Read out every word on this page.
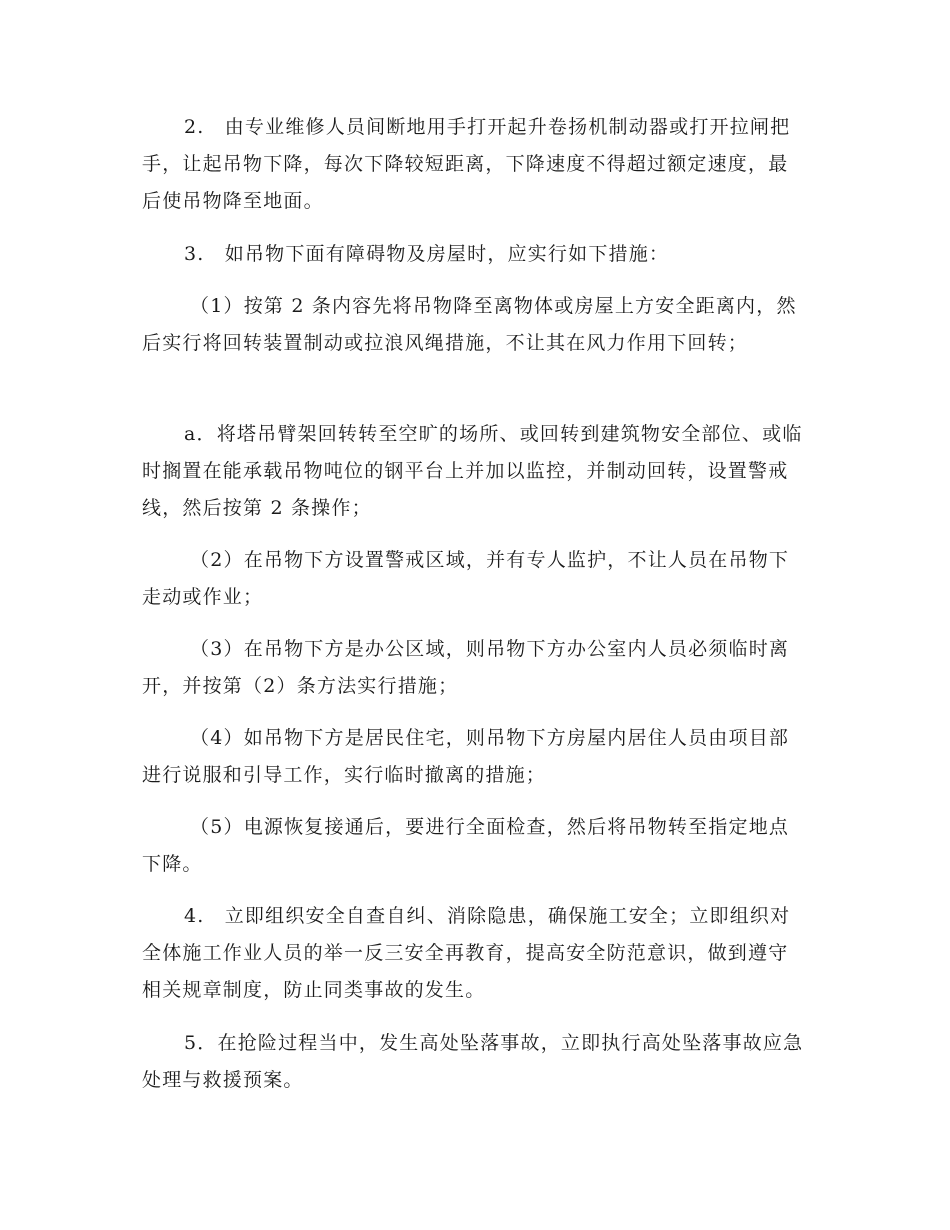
2.　由专业维修人员间断地用手打开起升卷扬机制动器或打开拉闸把手，让起吊物下降，每次下降较短距离，下降速度不得超过额定速度，最后使吊物降至地面。

3.　如吊物下面有障碍物及房屋时，应实行如下措施：

（1）按第 2 条内容先将吊物降至离物体或房屋上方安全距离内，然后实行将回转装置制动或拉浪风绳措施，不让其在风力作用下回转；

a．将塔吊臂架回转转至空旷的场所、或回转到建筑物安全部位、或临时搁置在能承载吊物吨位的钢平台上并加以监控，并制动回转，设置警戒线，然后按第 2 条操作；

（2）在吊物下方设置警戒区域，并有专人监护，不让人员在吊物下走动或作业；

（3）在吊物下方是办公区域，则吊物下方办公室内人员必须临时离开，并按第（2）条方法实行措施；

（4）如吊物下方是居民住宅，则吊物下方房屋内居住人员由项目部进行说服和引导工作，实行临时撤离的措施；

（5）电源恢复接通后，要进行全面检查，然后将吊物转至指定地点下降。

4.　立即组织安全自查自纠、消除隐患，确保施工安全；立即组织对全体施工作业人员的举一反三安全再教育，提高安全防范意识，做到遵守相关规章制度，防止同类事故的发生。

5．在抢险过程当中，发生高处坠落事故，立即执行高处坠落事故应急处理与救援预案。
